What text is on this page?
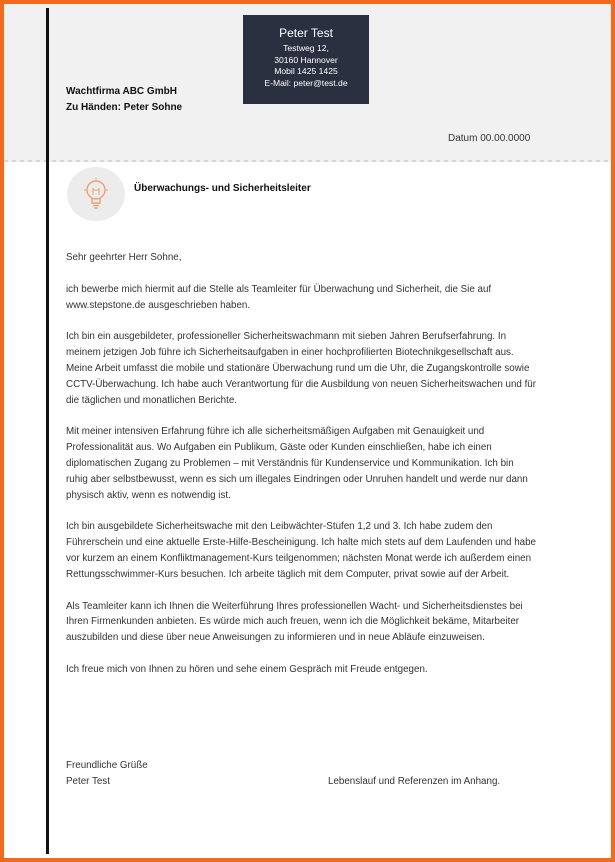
Peter Test
Testweg 12,
30160 Hannover
Mobil 1425 1425
E-Mail: peter@test.de
Wachtfirma ABC GmbH
Zu Händen: Peter Sohne
Datum 00.00.0000
Überwachungs- und Sicherheitsleiter

Sehr geehrter Herr Sohne,

ich bewerbe mich hiermit auf die Stelle als Teamleiter für Überwachung und Sicherheit, die Sie auf www.stepstone.de ausgeschrieben haben.

Ich bin ein ausgebildeter, professioneller Sicherheitswachmann mit sieben Jahren Berufserfahrung. In meinem jetzigen Job führe ich Sicherheitsaufgaben in einer hochprofilierten Biotechnikgesellschaft aus. Meine Arbeit umfasst die mobile und stationäre Überwachung rund um die Uhr, die Zugangskontrolle sowie CCTV-Überwachung. Ich habe auch Verantwortung für die Ausbildung von neuen Sicherheitswachen und für die täglichen und monatlichen Berichte.

Mit meiner intensiven Erfahrung führe ich alle sicherheitsmäßigen Aufgaben mit Genauigkeit und Professionalität aus. Wo Aufgaben ein Publikum, Gäste oder Kunden einschließen, habe ich einen diplomatischen Zugang zu Problemen – mit Verständnis für Kundenservice und Kommunikation. Ich bin ruhig aber selbstbewusst, wenn es sich um illegales Eindringen oder Unruhen handelt und werde nur dann physisch aktiv, wenn es notwendig ist.

Ich bin ausgebildete Sicherheitswache mit den Leibwächter-Stufen 1,2 und 3. Ich habe zudem den Führerschein und eine aktuelle Erste-Hilfe-Bescheinigung. Ich halte mich stets auf dem Laufenden und habe vor kurzem an einem Konfliktmanagement-Kurs teilgenommen; nächsten Monat werde ich außerdem einen Rettungsschwimmer-Kurs besuchen. Ich arbeite täglich mit dem Computer, privat sowie auf der Arbeit.

Als Teamleiter kann ich Ihnen die Weiterführung Ihres professionellen Wacht- und Sicherheitsdienstes bei Ihren Firmenkunden anbieten. Es würde mich auch freuen, wenn ich die Möglichkeit bekäme, Mitarbeiter auszubilden und diese über neue Anweisungen zu informieren und in neue Abläufe einzuweisen.

Ich freue mich von Ihnen zu hören und sehe einem Gespräch mit Freude entgegen.

Freundliche Grüße
Peter Test	Lebenslauf und Referenzen im Anhang.
